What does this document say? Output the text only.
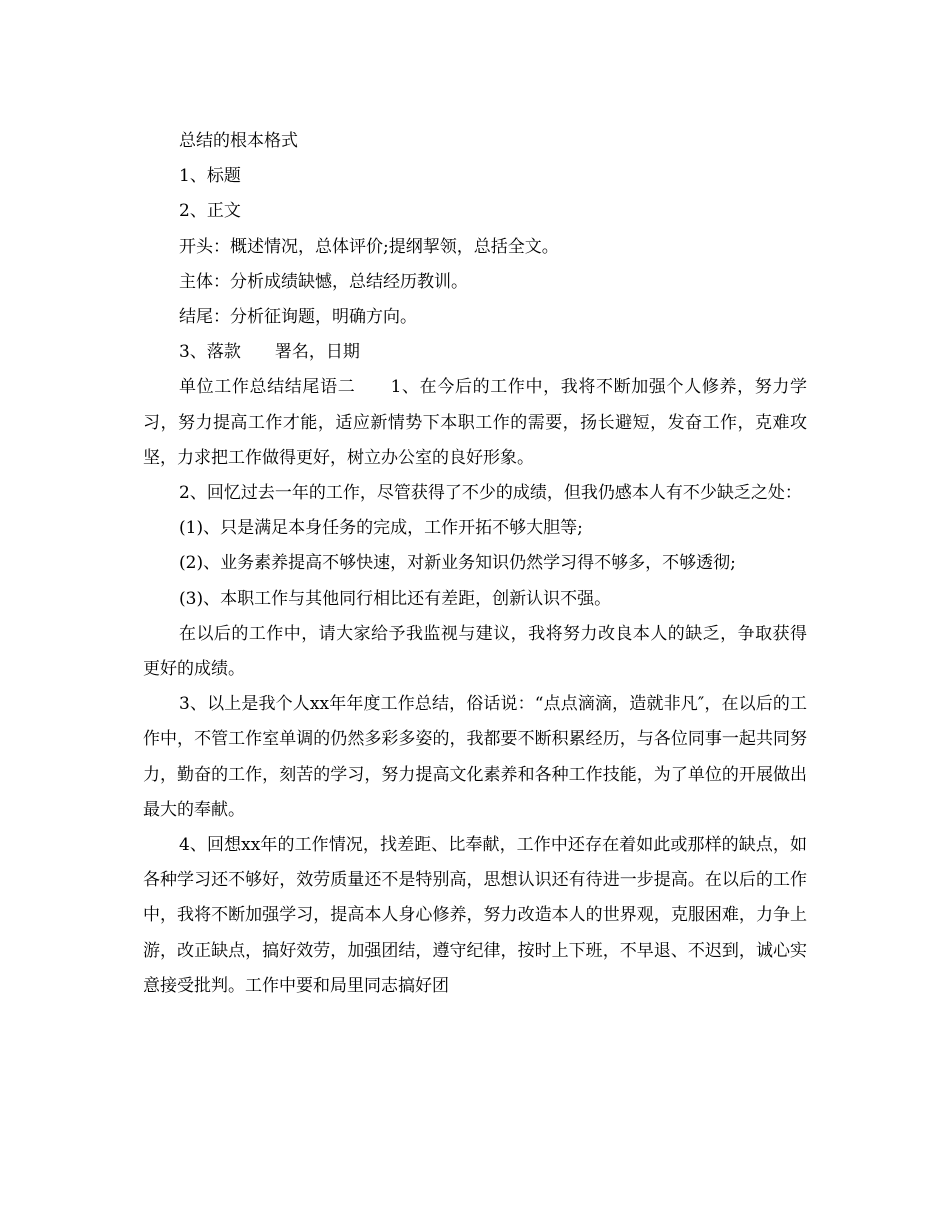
总结的根本格式

1、标题

2、正文

开头：概述情况，总体评价;提纲挈领，总括全文。

主体：分析成绩缺憾，总结经历教训。

结尾：分析征询题，明确方向。

3、落款　　署名，日期

单位工作总结结尾语二　　1、在今后的工作中，我将不断加强个人修养，努力学习，努力提高工作才能，适应新情势下本职工作的需要，扬长避短，发奋工作，克难攻坚，力求把工作做得更好，树立办公室的良好形象。

2、回忆过去一年的工作，尽管获得了不少的成绩，但我仍感本人有不少缺乏之处：

(1)、只是满足本身任务的完成，工作开拓不够大胆等;

(2)、业务素养提高不够快速，对新业务知识仍然学习得不够多，不够透彻;

(3)、本职工作与其他同行相比还有差距，创新认识不强。

在以后的工作中，请大家给予我监视与建议，我将努力改良本人的缺乏，争取获得更好的成绩。

3、以上是我个人xx年年度工作总结，俗话说：“点点滴滴，造就非凡″，在以后的工作中，不管工作室单调的仍然多彩多姿的，我都要不断积累经历，与各位同事一起共同努力，勤奋的工作，刻苦的学习，努力提高文化素养和各种工作技能，为了单位的开展做出最大的奉献。

4、回想xx年的工作情况，找差距、比奉献，工作中还存在着如此或那样的缺点，如各种学习还不够好，效劳质量还不是特别高，思想认识还有待进一步提高。在以后的工作中，我将不断加强学习，提高本人身心修养，努力改造本人的世界观，克服困难，力争上游，改正缺点，搞好效劳，加强团结，遵守纪律，按时上下班，不早退、不迟到，诚心实意接受批判。工作中要和局里同志搞好团
